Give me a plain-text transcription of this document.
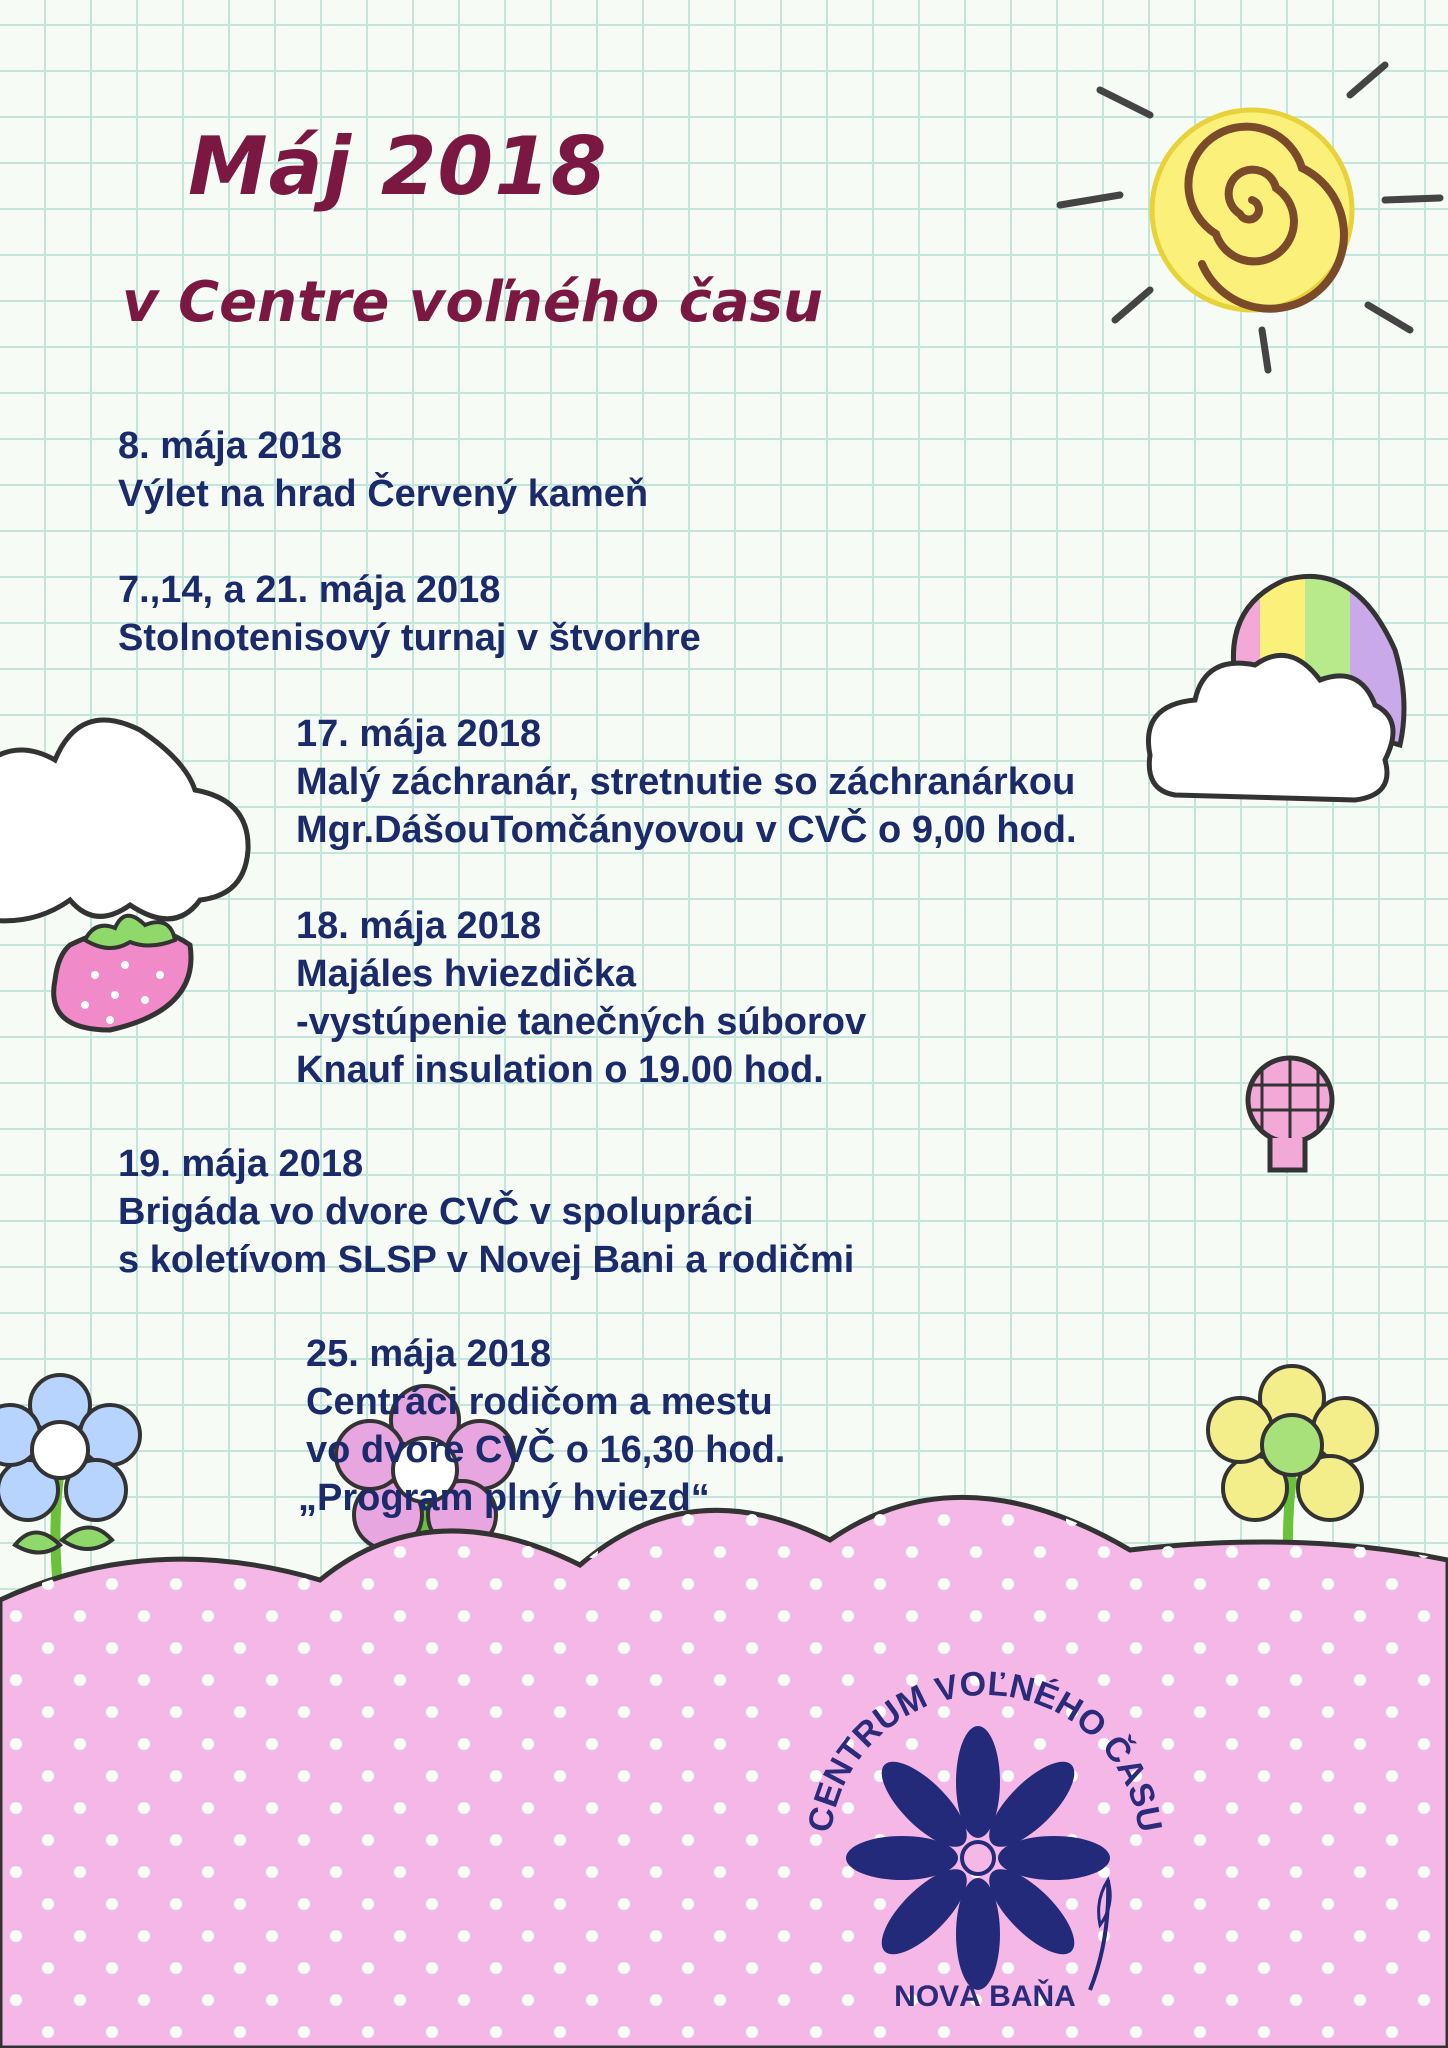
Máj 2018
v Centre voľného času
8. mája 2018
Výlet na hrad Červený kameň
7.,14, a 21. mája 2018
Stolnotenisový turnaj v štvorhre
17. mája 2018
Malý záchranár, stretnutie so záchranárkou
Mgr.DášouTomčányovou v CVČ o 9,00 hod.
18. mája 2018
Majáles hviezdička
-vystúpenie tanečných súborov
Knauf insulation o 19.00 hod.
19. mája 2018
Brigáda vo dvore CVČ v spolupráci
s koletívom SLSP v Novej Bani a rodičmi
25. mája 2018
Centráci rodičom a mestu
vo dvore CVČ o 16,30 hod.
„Program plný hviezd“
CENTRUM VOĽNÉHO ČASU
NOVÁ BAŇA
